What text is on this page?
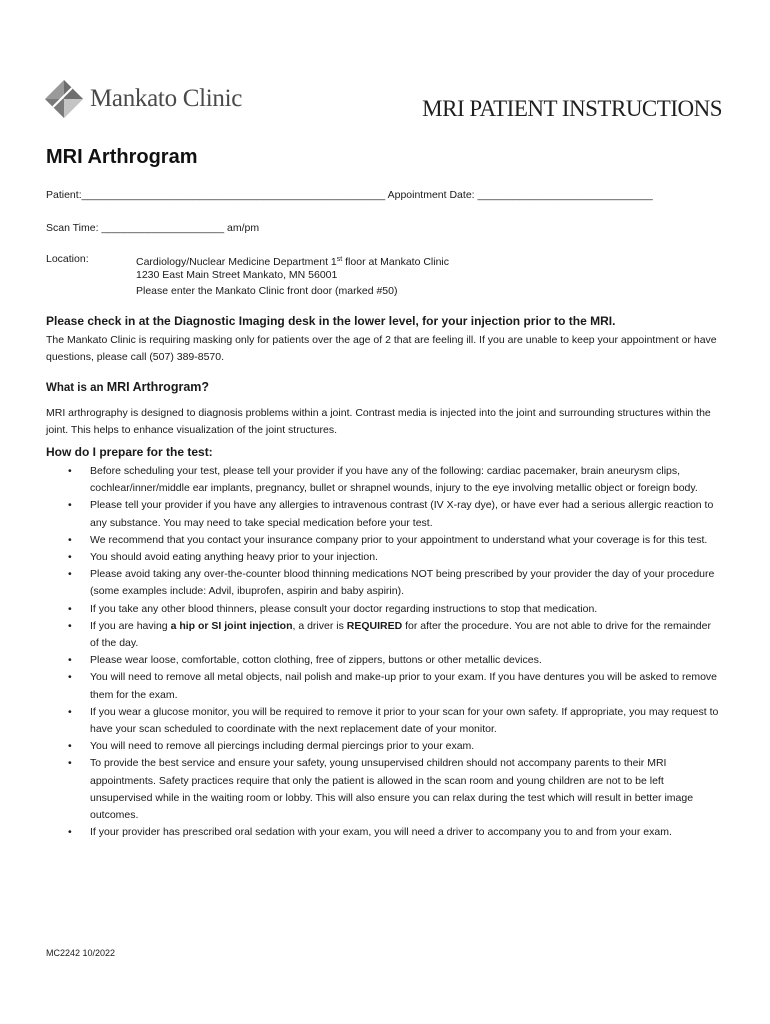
Mankato Clinic	MRI PATIENT INSTRUCTIONS
MRI Arthrogram
Patient:____________________________________________________ Appointment Date: ______________________________
Scan Time: _____________________ am/pm
Location:	Cardiology/Nuclear Medicine Department 1st floor at Mankato Clinic
1230 East Main Street Mankato, MN 56001
Please enter the Mankato Clinic front door (marked #50)
Please check in at the Diagnostic Imaging desk in the lower level, for your injection prior to the MRI.
The Mankato Clinic is requiring masking only for patients over the age of 2 that are feeling ill. If you are unable to keep your appointment or have questions, please call (507) 389-8570.
What is an MRI Arthrogram?
MRI arthrography is designed to diagnosis problems within a joint. Contrast media is injected into the joint and surrounding structures within the joint. This helps to enhance visualization of the joint structures.
How do I prepare for the test:
• Before scheduling your test, please tell your provider if you have any of the following: cardiac pacemaker, brain aneurysm clips, cochlear/inner/middle ear implants, pregnancy, bullet or shrapnel wounds, injury to the eye involving metallic object or foreign body.
• Please tell your provider if you have any allergies to intravenous contrast (IV X-ray dye), or have ever had a serious allergic reaction to any substance. You may need to take special medication before your test.
• We recommend that you contact your insurance company prior to your appointment to understand what your coverage is for this test.
• You should avoid eating anything heavy prior to your injection.
• Please avoid taking any over-the-counter blood thinning medications NOT being prescribed by your provider the day of your procedure (some examples include: Advil, ibuprofen, aspirin and baby aspirin).
• If you take any other blood thinners, please consult your doctor regarding instructions to stop that medication.
• If you are having a hip or SI joint injection, a driver is REQUIRED for after the procedure. You are not able to drive for the remainder of the day.
• Please wear loose, comfortable, cotton clothing, free of zippers, buttons or other metallic devices.
• You will need to remove all metal objects, nail polish and make-up prior to your exam. If you have dentures you will be asked to remove them for the exam.
• If you wear a glucose monitor, you will be required to remove it prior to your scan for your own safety. If appropriate, you may request to have your scan scheduled to coordinate with the next replacement date of your monitor.
• You will need to remove all piercings including dermal piercings prior to your exam.
• To provide the best service and ensure your safety, young unsupervised children should not accompany parents to their MRI appointments. Safety practices require that only the patient is allowed in the scan room and young children are not to be left unsupervised while in the waiting room or lobby. This will also ensure you can relax during the test which will result in better image outcomes.
• If your provider has prescribed oral sedation with your exam, you will need a driver to accompany you to and from your exam.
MC2242 10/2022
